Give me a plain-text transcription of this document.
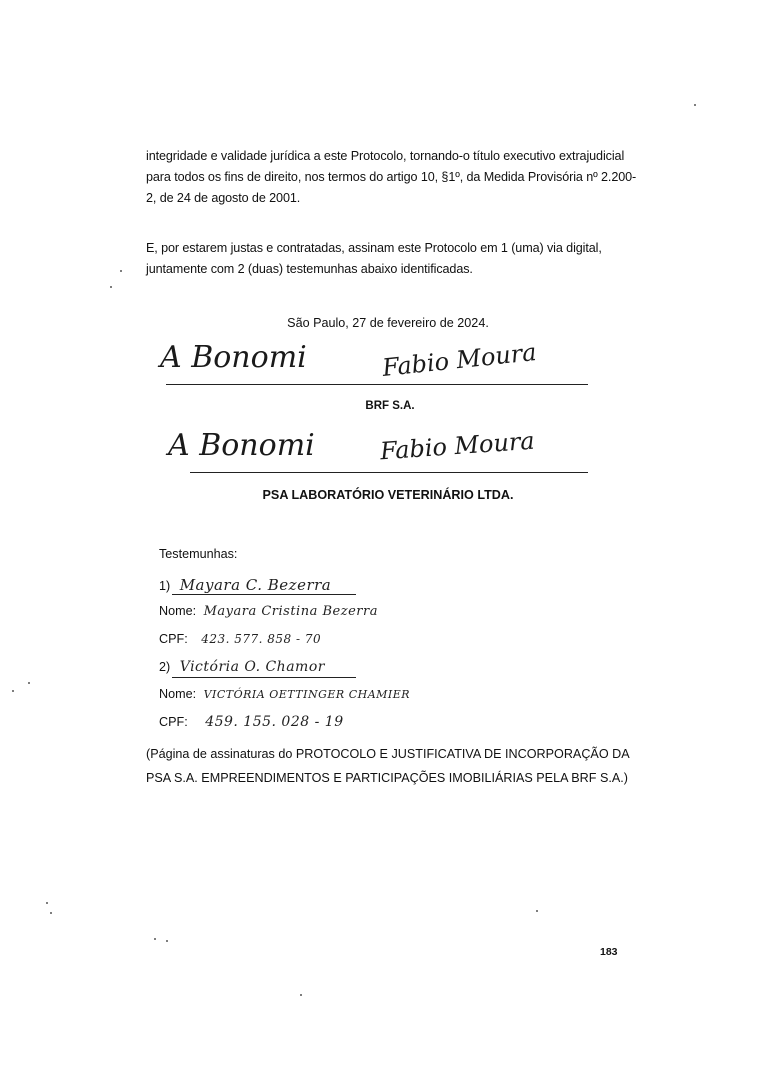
integridade e validade jurídica a este Protocolo, tornando-o título executivo extrajudicial
para todos os fins de direito, nos termos do artigo 10, §1º, da Medida Provisória nº 2.200-
2, de 24 de agosto de 2001.
E, por estarem justas e contratadas, assinam este Protocolo em 1 (uma) via digital,
juntamente com 2 (duas) testemunhas abaixo identificadas.
São Paulo, 27 de fevereiro de 2024.
A Bonomi	Fabio Moura
BRF S.A.
A Bonomi	Fabio Moura
PSA LABORATÓRIO VETERINÁRIO LTDA.
Testemunhas:
1) Mayara C. Bezerra
Nome: Mayara Cristina Bezerra
CPF: 423. 577. 858 - 70
2) Victória O. Chamor
Nome: VICTÓRIA OETTINGER CHAMIER
CPF: 459. 155. 028 - 19
(Página de assinaturas do PROTOCOLO E JUSTIFICATIVA DE INCORPORAÇÃO DA
PSA S.A. EMPREENDIMENTOS E PARTICIPAÇÕES IMOBILIÁRIAS PELA BRF S.A.)
183
